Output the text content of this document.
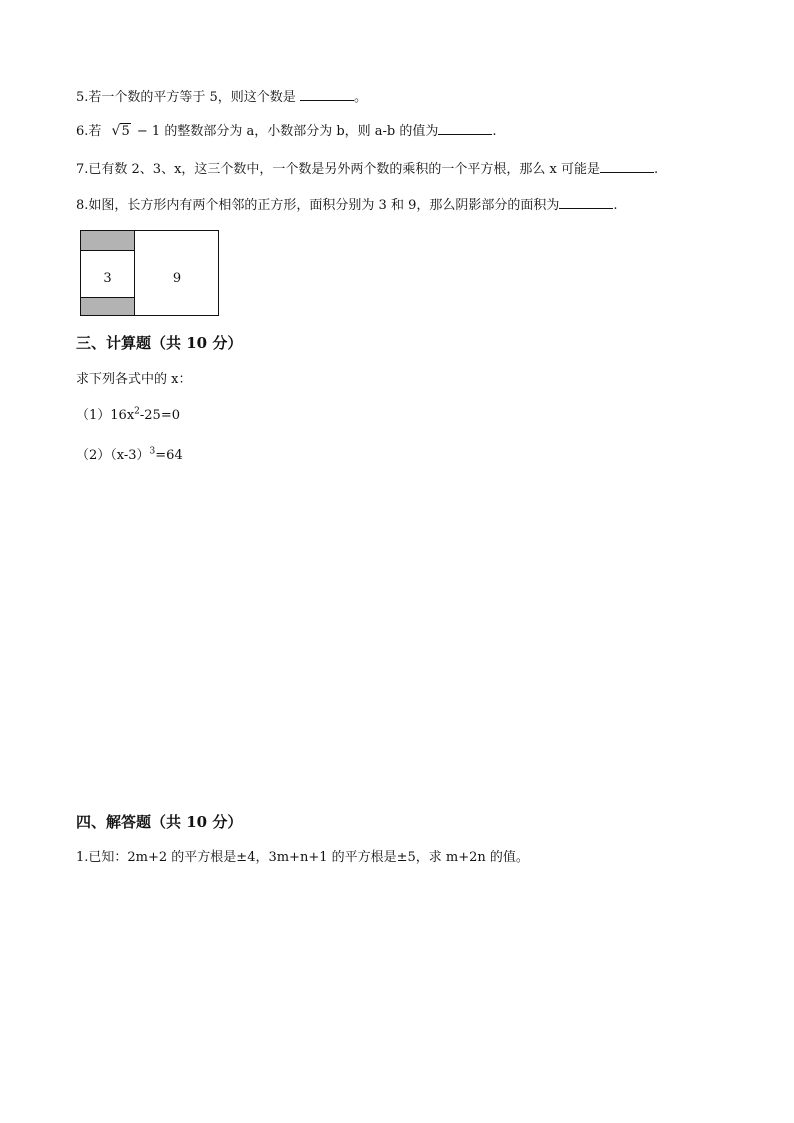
5.若一个数的平方等于 5，则这个数是	。
6.若 √5 − 1 的整数部分为 a，小数部分为 b，则 a-b 的值为	.
7.已有数 2、3、x，这三个数中，一个数是另外两个数的乘积的一个平方根，那么 x 可能是	.
8.如图，长方形内有两个相邻的正方形，面积分别为 3 和 9，那么阴影部分的面积为	.
3	9
三、计算题（共 10 分）
求下列各式中的 x：
$(1)16x^2-25=0$
$(2)(x-3)^3=64$
四、解答题（共 10 分）
1.已知：2m+2 的平方根是±4，3m+n+1 的平方根是±5，求 m+2n 的值。
